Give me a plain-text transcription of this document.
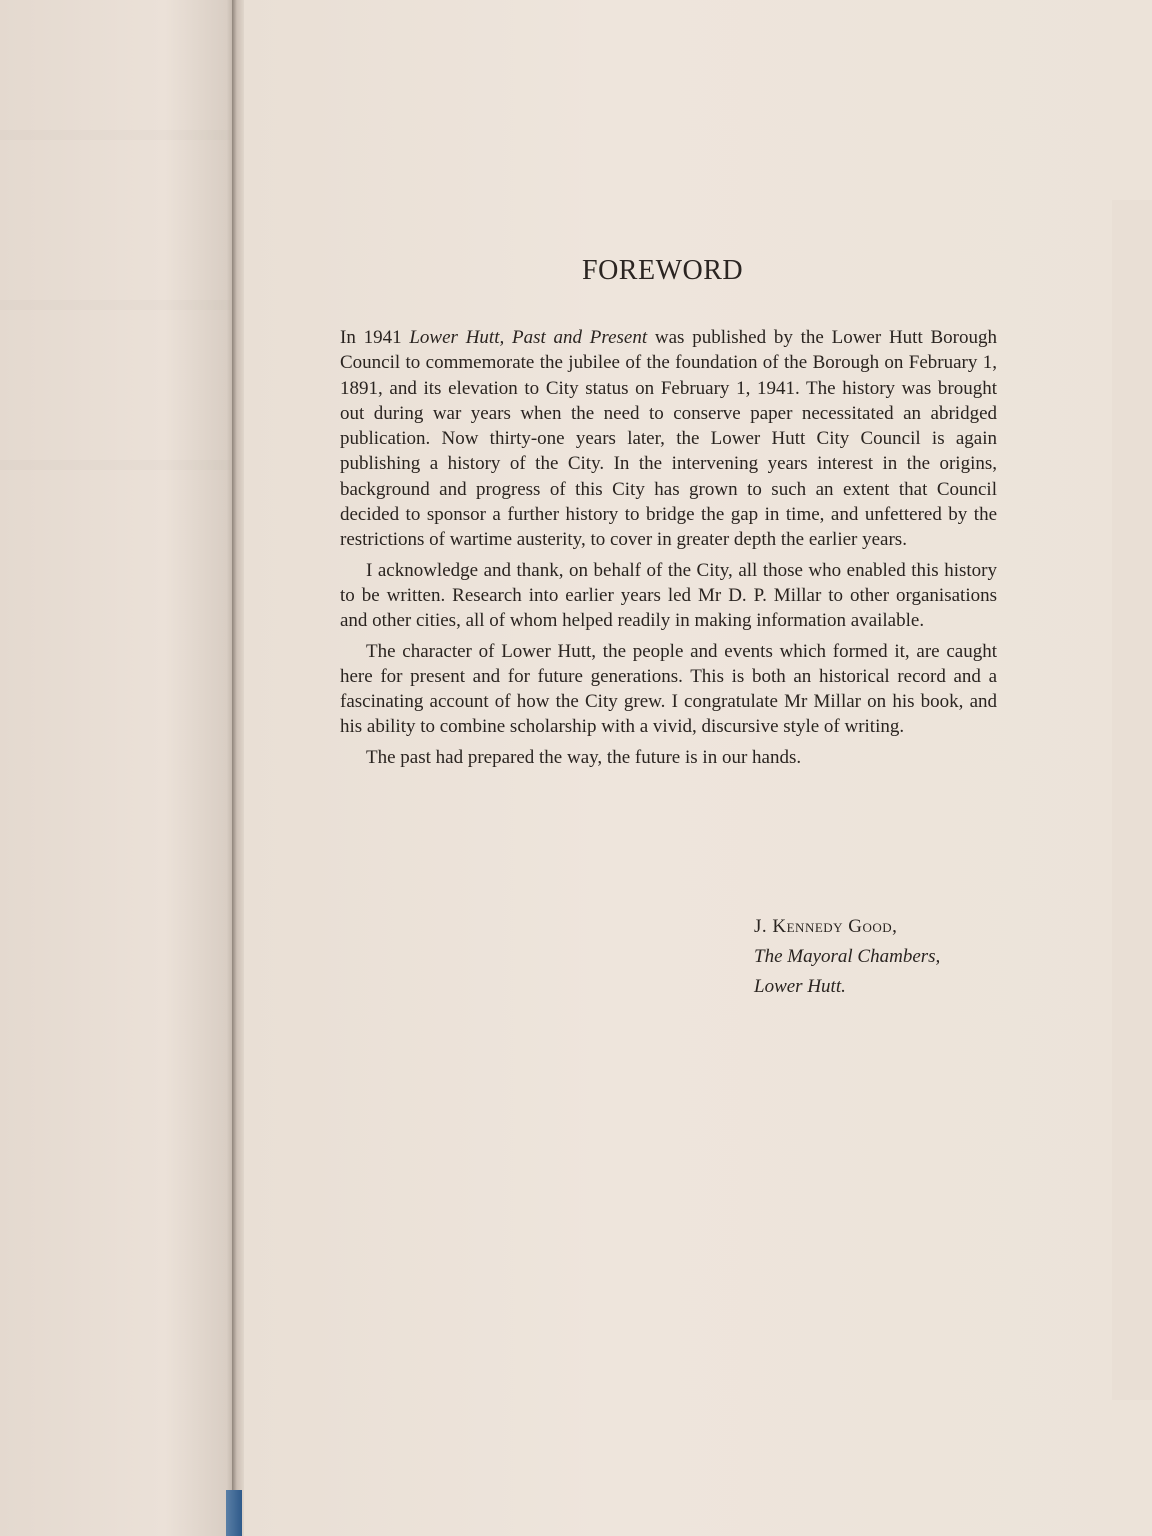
FOREWORD

In 1941 Lower Hutt, Past and Present was published by the Lower Hutt Borough Council to commemorate the jubilee of the foundation of the Borough on February 1, 1891, and its elevation to City status on February 1, 1941. The history was brought out during war years when the need to conserve paper necessitated an abridged publication. Now thirty-one years later, the Lower Hutt City Council is again publishing a history of the City. In the intervening years interest in the origins, background and progress of this City has grown to such an extent that Council decided to sponsor a further history to bridge the gap in time, and unfettered by the restrictions of wartime austerity, to cover in greater depth the earlier years.

I acknowledge and thank, on behalf of the City, all those who enabled this history to be written. Research into earlier years led Mr D. P. Millar to other organisations and other cities, all of whom helped readily in making information available.

The character of Lower Hutt, the people and events which formed it, are caught here for present and for future generations. This is both an historical record and a fascinating account of how the City grew. I congratulate Mr Millar on his book, and his ability to combine scholarship with a vivid, discursive style of writing.

The past had prepared the way, the future is in our hands.

J. Kennedy Good,
The Mayoral Chambers,
Lower Hutt.
